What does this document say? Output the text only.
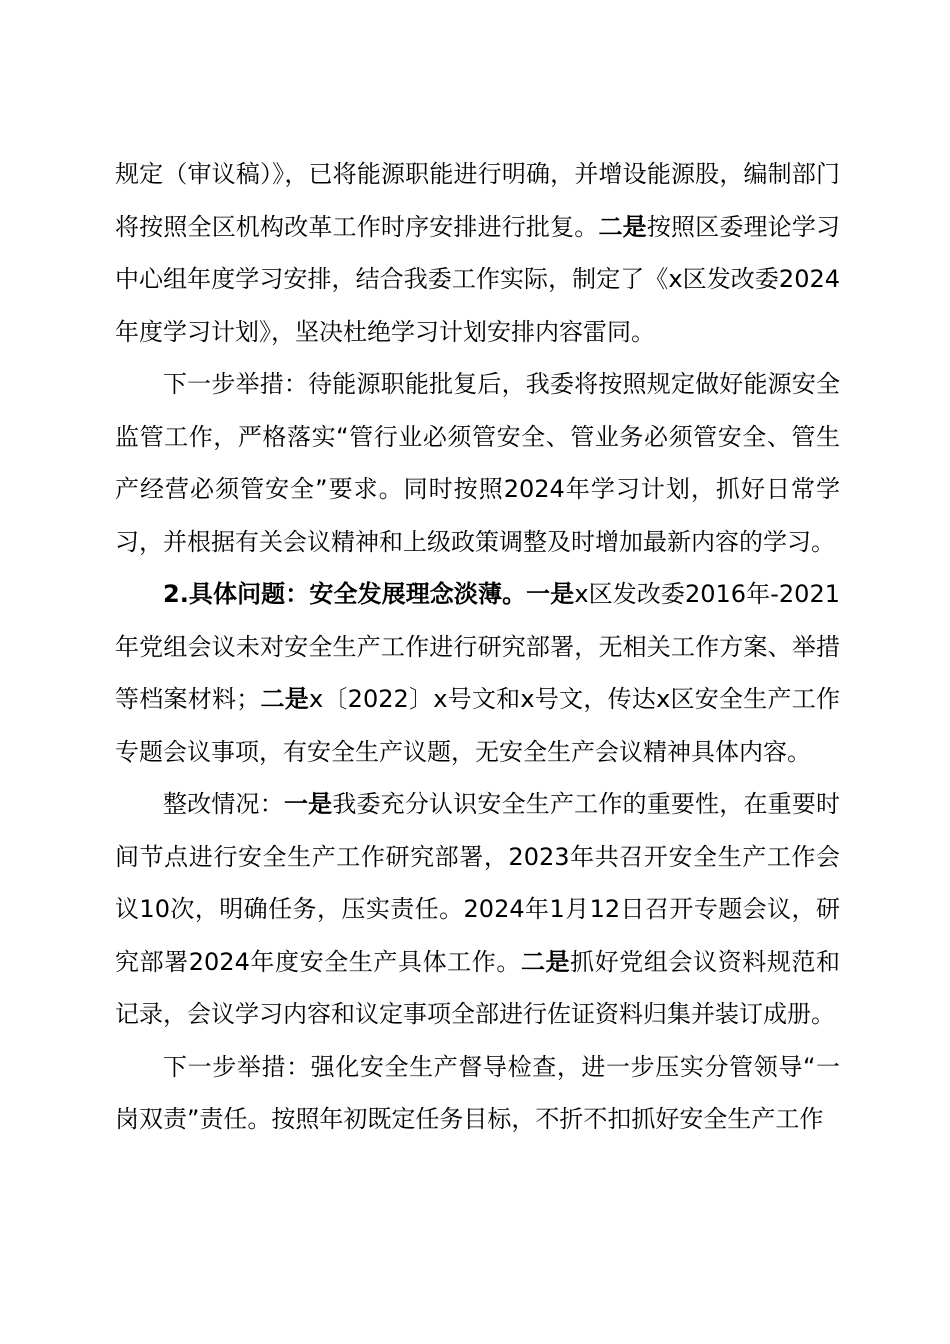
规定（审议稿）》，已将能源职能进行明确，并增设能源股，编制部门将按照全区机构改革工作时序安排进行批复。二是按照区委理论学习中心组年度学习安排，结合我委工作实际，制定了《x区发改委2024年度学习计划》，坚决杜绝学习计划安排内容雷同。

下一步举措：待能源职能批复后，我委将按照规定做好能源安全监管工作，严格落实“管行业必须管安全、管业务必须管安全、管生产经营必须管安全”要求。同时按照2024年学习计划，抓好日常学习，并根据有关会议精神和上级政策调整及时增加最新内容的学习。

2.具体问题：安全发展理念淡薄。一是x区发改委2016年-2021年党组会议未对安全生产工作进行研究部署，无相关工作方案、举措等档案材料；二是x〔2022〕x号文和x号文，传达x区安全生产工作专题会议事项，有安全生产议题，无安全生产会议精神具体内容。

整改情况：一是我委充分认识安全生产工作的重要性，在重要时间节点进行安全生产工作研究部署，2023年共召开安全生产工作会议10次，明确任务，压实责任。2024年1月12日召开专题会议，研究部署2024年度安全生产具体工作。二是抓好党组会议资料规范和记录，会议学习内容和议定事项全部进行佐证资料归集并装订成册。

下一步举措：强化安全生产督导检查，进一步压实分管领导“一岗双责”责任。按照年初既定任务目标，不折不扣抓好安全生产工作
